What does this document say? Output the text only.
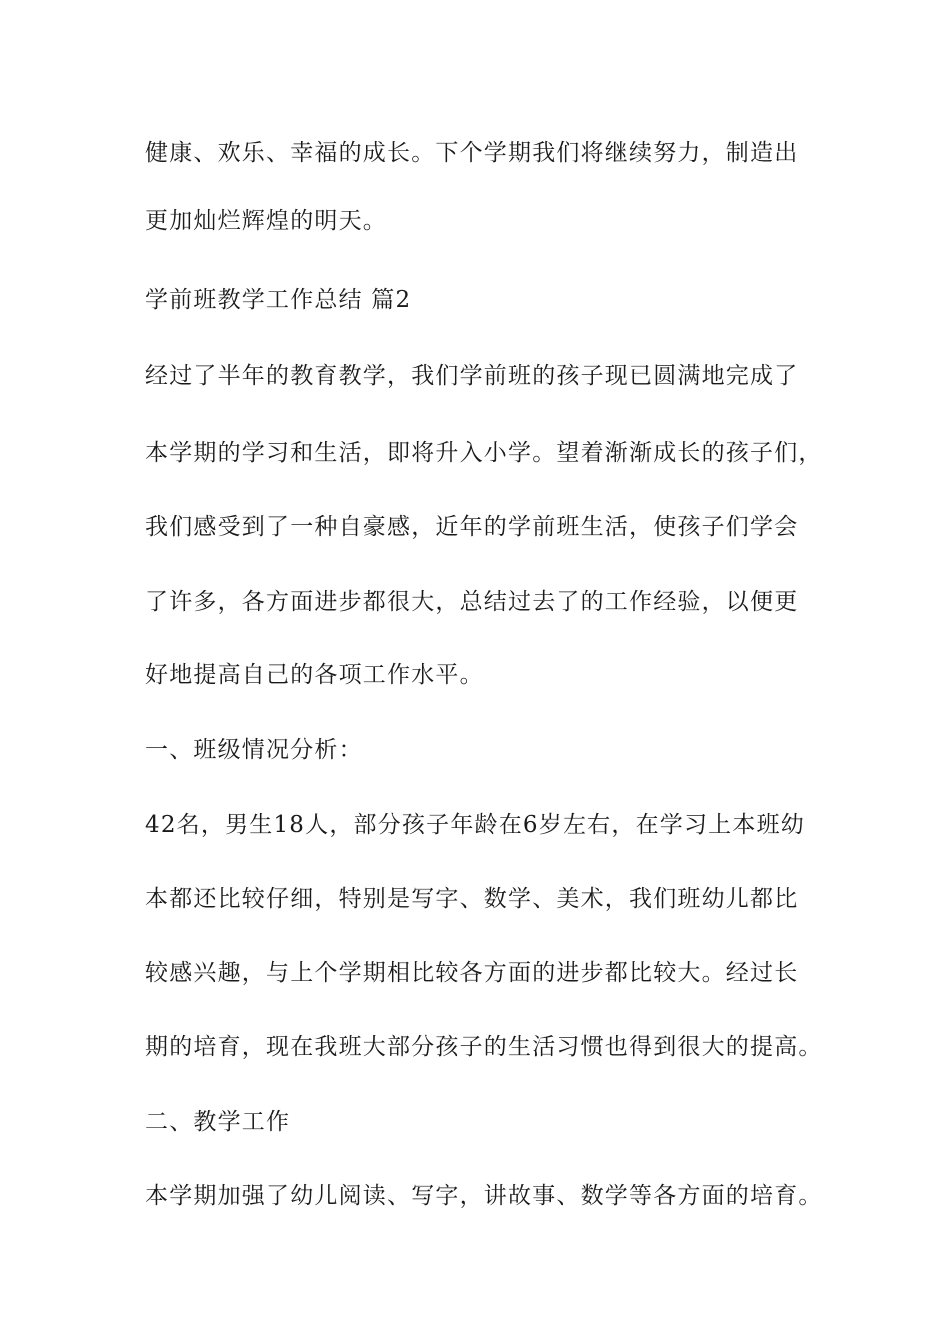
健康、欢乐、幸福的成长。下个学期我们将继续努力，制造出
更加灿烂辉煌的明天。
学前班教学工作总结 篇2
经过了半年的教育教学，我们学前班的孩子现已圆满地完成了
本学期的学习和生活，即将升入小学。望着渐渐成长的孩子们，
我们感受到了一种自豪感，近年的学前班生活，使孩子们学会
了许多，各方面进步都很大，总结过去了的工作经验，以便更
好地提高自己的各项工作水平。
一、班级情况分析：
42名，男生18人，部分孩子年龄在6岁左右，在学习上本班幼
本都还比较仔细，特别是写字、数学、美术，我们班幼儿都比
较感兴趣，与上个学期相比较各方面的进步都比较大。经过长
期的培育，现在我班大部分孩子的生活习惯也得到很大的提高。
二、教学工作
本学期加强了幼儿阅读、写字，讲故事、数学等各方面的培育。
